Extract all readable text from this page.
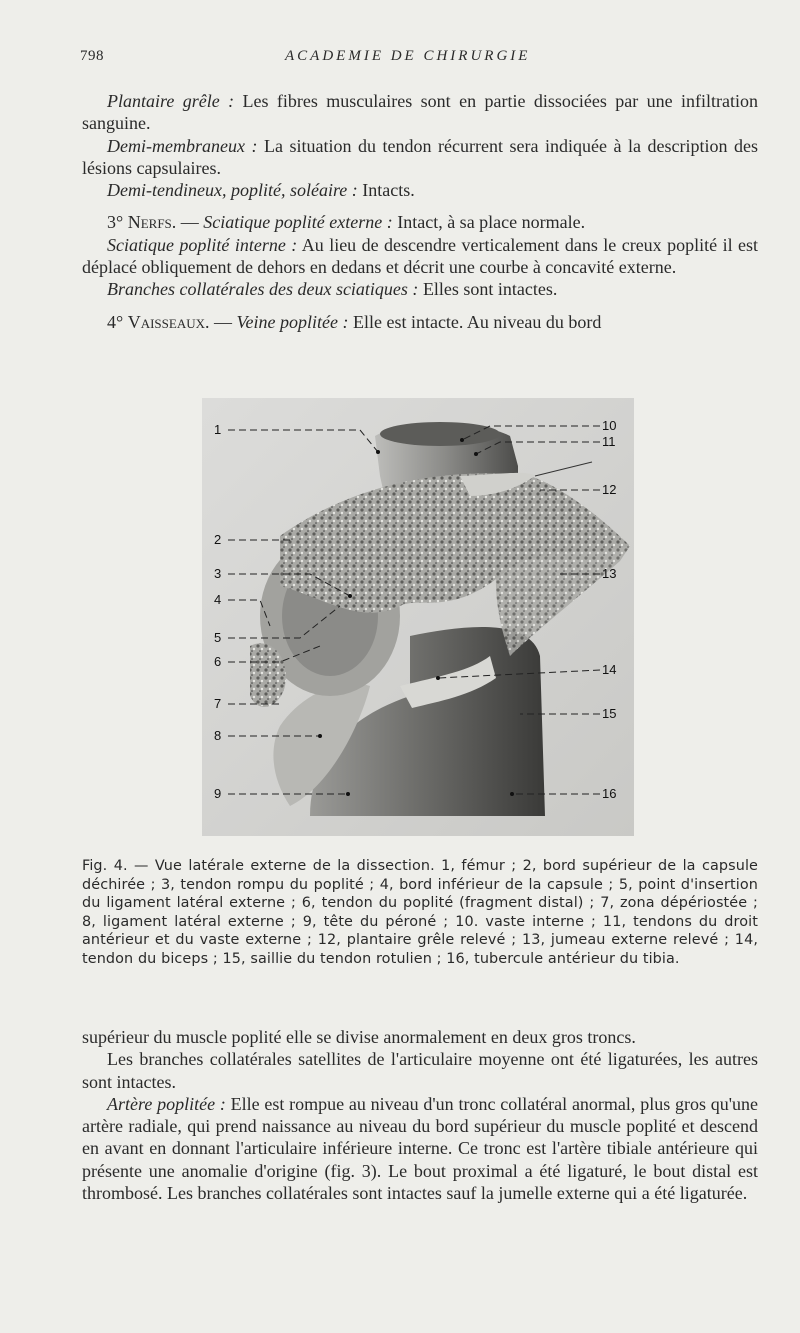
798	ACADEMIE DE CHIRURGIE

Plantaire grêle : Les fibres musculaires sont en partie dissociées par une infiltration sanguine.

Demi-membraneux : La situation du tendon récurrent sera indiquée à la description des lésions capsulaires.

Demi-tendineux, poplité, soléaire : Intacts.

3° Nerfs. — Sciatique poplité externe : Intact, à sa place normale.

Sciatique poplité interne : Au lieu de descendre verticalement dans le creux poplité il est déplacé obliquement de dehors en dedans et décrit une courbe à concavité externe.

Branches collatérales des deux sciatiques : Elles sont intactes.

4° Vaisseaux. — Veine poplitée : Elle est intacte. Au niveau du bord

1
2
3
4
5
6
7
8
9
10
11
12
13
14
15
16

Fig. 4. — Vue latérale externe de la dissection. 1, fémur ; 2, bord supérieur de la capsule déchirée ; 3, tendon rompu du poplité ; 4, bord inférieur de la capsule ; 5, point d'insertion du ligament latéral externe ; 6, tendon du poplité (fragment distal) ; 7, zona dépériostée ; 8, ligament latéral externe ; 9, tête du péroné ; 10. vaste interne ; 11, tendons du droit antérieur et du vaste externe ; 12, plantaire grêle relevé ; 13, jumeau externe relevé ; 14, tendon du biceps ; 15, saillie du tendon rotulien ; 16, tubercule antérieur du tibia.

supérieur du muscle poplité elle se divise anormalement en deux gros troncs.

Les branches collatérales satellites de l'articulaire moyenne ont été ligaturées, les autres sont intactes.

Artère poplitée : Elle est rompue au niveau d'un tronc collatéral anormal, plus gros qu'une artère radiale, qui prend naissance au niveau du bord supérieur du muscle poplité et descend en avant en donnant l'articulaire inférieure interne. Ce tronc est l'artère tibiale antérieure qui présente une anomalie d'origine (fig. 3). Le bout proximal a été ligaturé, le bout distal est thrombosé. Les branches collatérales sont intactes sauf la jumelle externe qui a été ligaturée.
